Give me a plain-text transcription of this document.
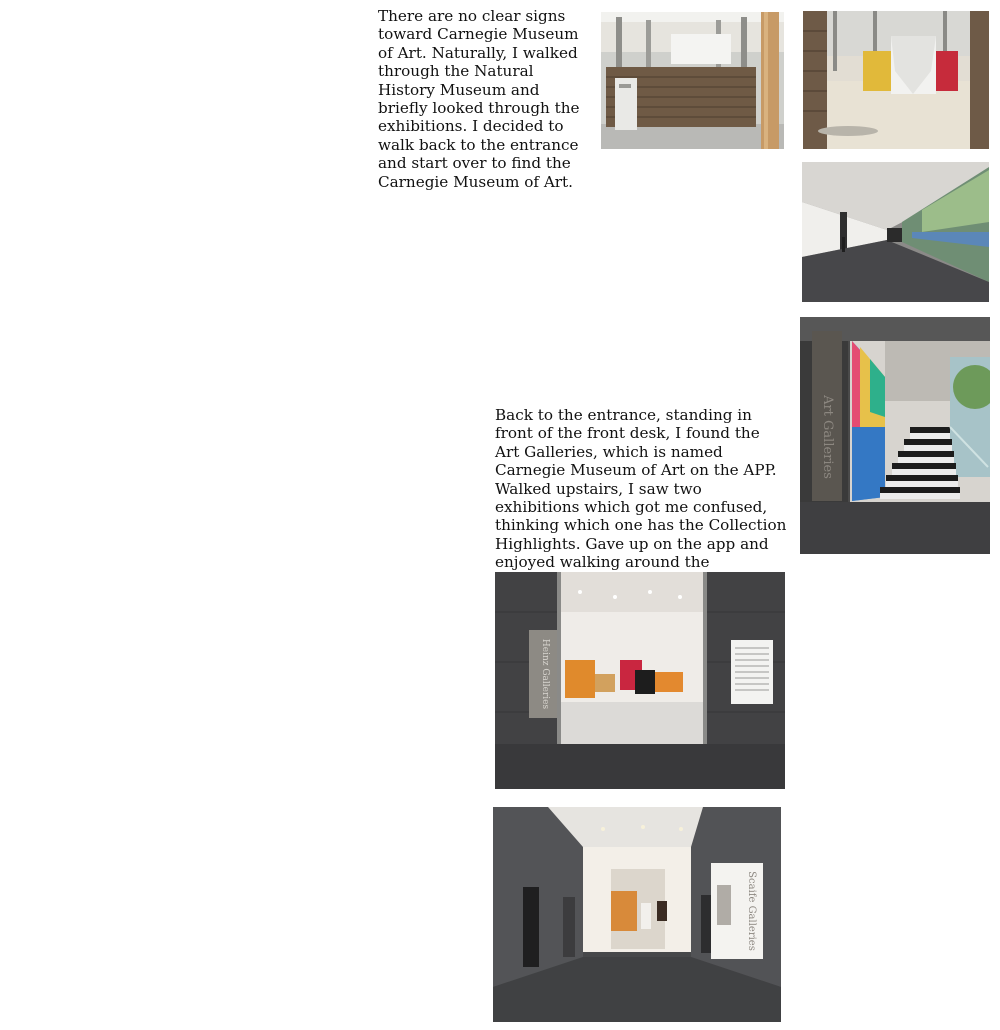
There are no clear signs toward Carnegie Museum of Art. Naturally, I walked through the Natural History Museum and briefly looked through the exhibitions. I decided to walk back to the entrance and start over to find the Carnegie Museum of Art.

Back to the entrance, standing in front of the front desk, I found the Art Galleries, which is named Carnegie Museum of Art on the APP. Walked upstairs, I saw two exhibitions which got me confused, thinking which one has the Collection Highlights. Gave up on the app and enjoyed walking around the

Art Galleries
Heinz Galleries
Scaife Galleries
